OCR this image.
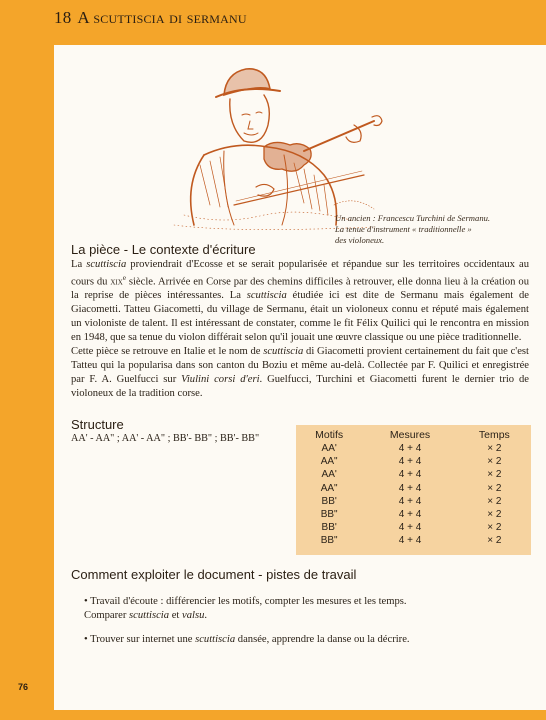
18 A scuttiscia di sermanu
Un ancien : Francescu Turchini de Sermanu.
La tenue d'instrument « traditionnelle »
des violoneux.
La pièce - Le contexte d'écriture

La scuttiscia proviendrait d'Ecosse et se serait popularisée et répandue sur les territoires occidentaux au cours du xix$^e$ siècle. Arrivée en Corse par des chemins difficiles à retrouver, elle donna lieu à la création ou la reprise de pièces intéressantes. La scuttiscia étudiée ici est dite de Sermanu mais également de Giacometti. Tatteu Giacometti, du village de Sermanu, était un violoneux connu et réputé mais également un violoniste de talent. Il est intéressant de constater, comme le fit Félix Quilici qui le rencontra en mission en 1948, que sa tenue du violon différait selon qu'il jouait une œuvre classique ou une pièce traditionnelle.

Cette pièce se retrouve en Italie et le nom de scuttiscia di Giacometti provient certainement du fait que c'est Tatteu qui la popularisa dans son canton du Boziu et même au-delà. Collectée par F. Quilici et enregistrée par F. A. Guelfucci sur Viulini corsi d'eri. Guelfucci, Turchini et Giacometti furent le dernier trio de violoneux de la tradition corse.

Structure
AA' - AA" ; AA' - AA" ; BB'- BB" ; BB'- BB"	Motifs	Mesures	Temps
AA'	4 + 4	× 2
AA"	4 + 4	× 2
AA'	4 + 4	× 2
AA"	4 + 4	× 2
BB'	4 + 4	× 2
BB"	4 + 4	× 2
BB'	4 + 4	× 2
BB"	4 + 4	× 2
Comment exploiter le document - pistes de travail
• Travail d'écoute : différencier les motifs, compter les mesures et les temps.
Comparer scuttiscia et valsu.
• Trouver sur internet une scuttiscia dansée, apprendre la danse ou la décrire.
76
